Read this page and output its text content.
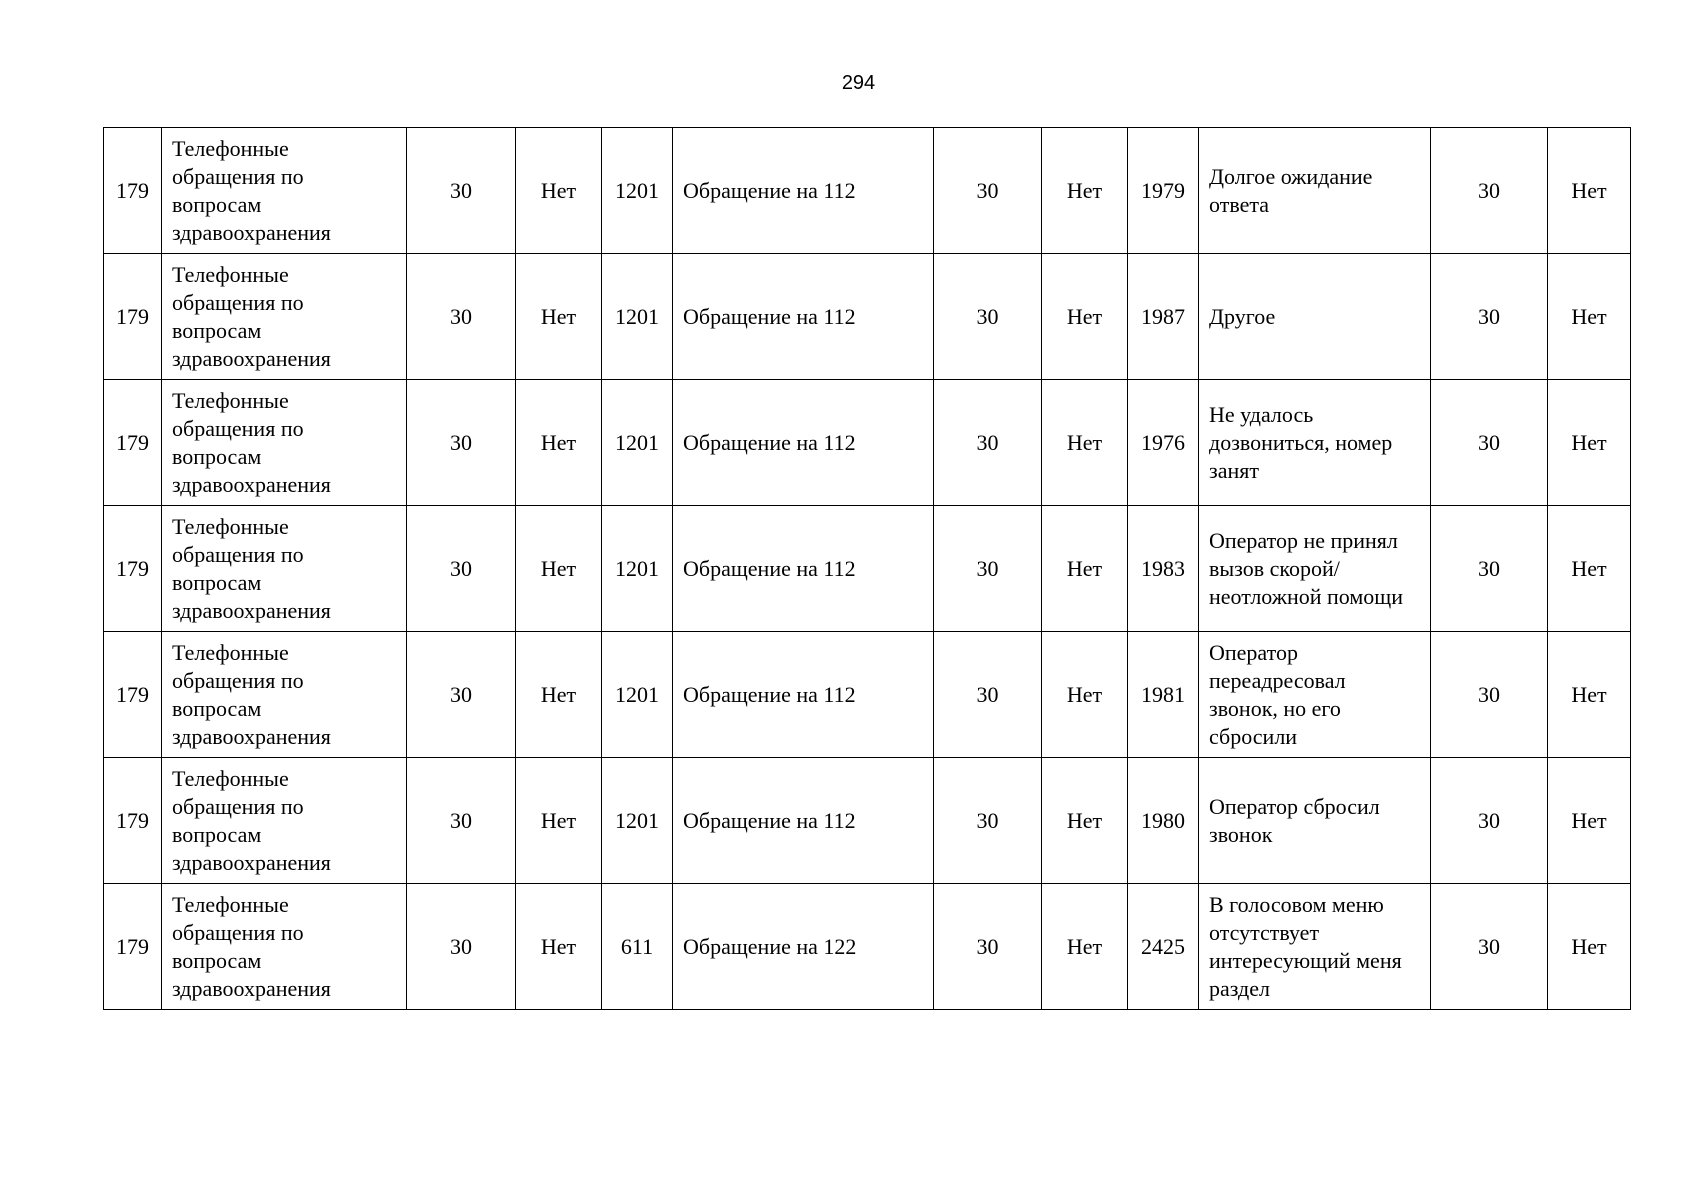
294
179	Телефонные обращения по вопросам здравоохранения	30	Нет	1201	Обращение на 112	30	Нет	1979	Долгое ожидание ответа	30	Нет
179	Телефонные обращения по вопросам здравоохранения	30	Нет	1201	Обращение на 112	30	Нет	1987	Другое	30	Нет
179	Телефонные обращения по вопросам здравоохранения	30	Нет	1201	Обращение на 112	30	Нет	1976	Не удалось дозвониться, номер занят	30	Нет
179	Телефонные обращения по вопросам здравоохранения	30	Нет	1201	Обращение на 112	30	Нет	1983	Оператор не принял вызов скорой/неотложной помощи	30	Нет
179	Телефонные обращения по вопросам здравоохранения	30	Нет	1201	Обращение на 112	30	Нет	1981	Оператор переадресовал звонок, но его сбросили	30	Нет
179	Телефонные обращения по вопросам здравоохранения	30	Нет	1201	Обращение на 112	30	Нет	1980	Оператор сбросил звонок	30	Нет
179	Телефонные обращения по вопросам здравоохранения	30	Нет	611	Обращение на 122	30	Нет	2425	В голосовом меню отсутствует интересующий меня раздел	30	Нет
